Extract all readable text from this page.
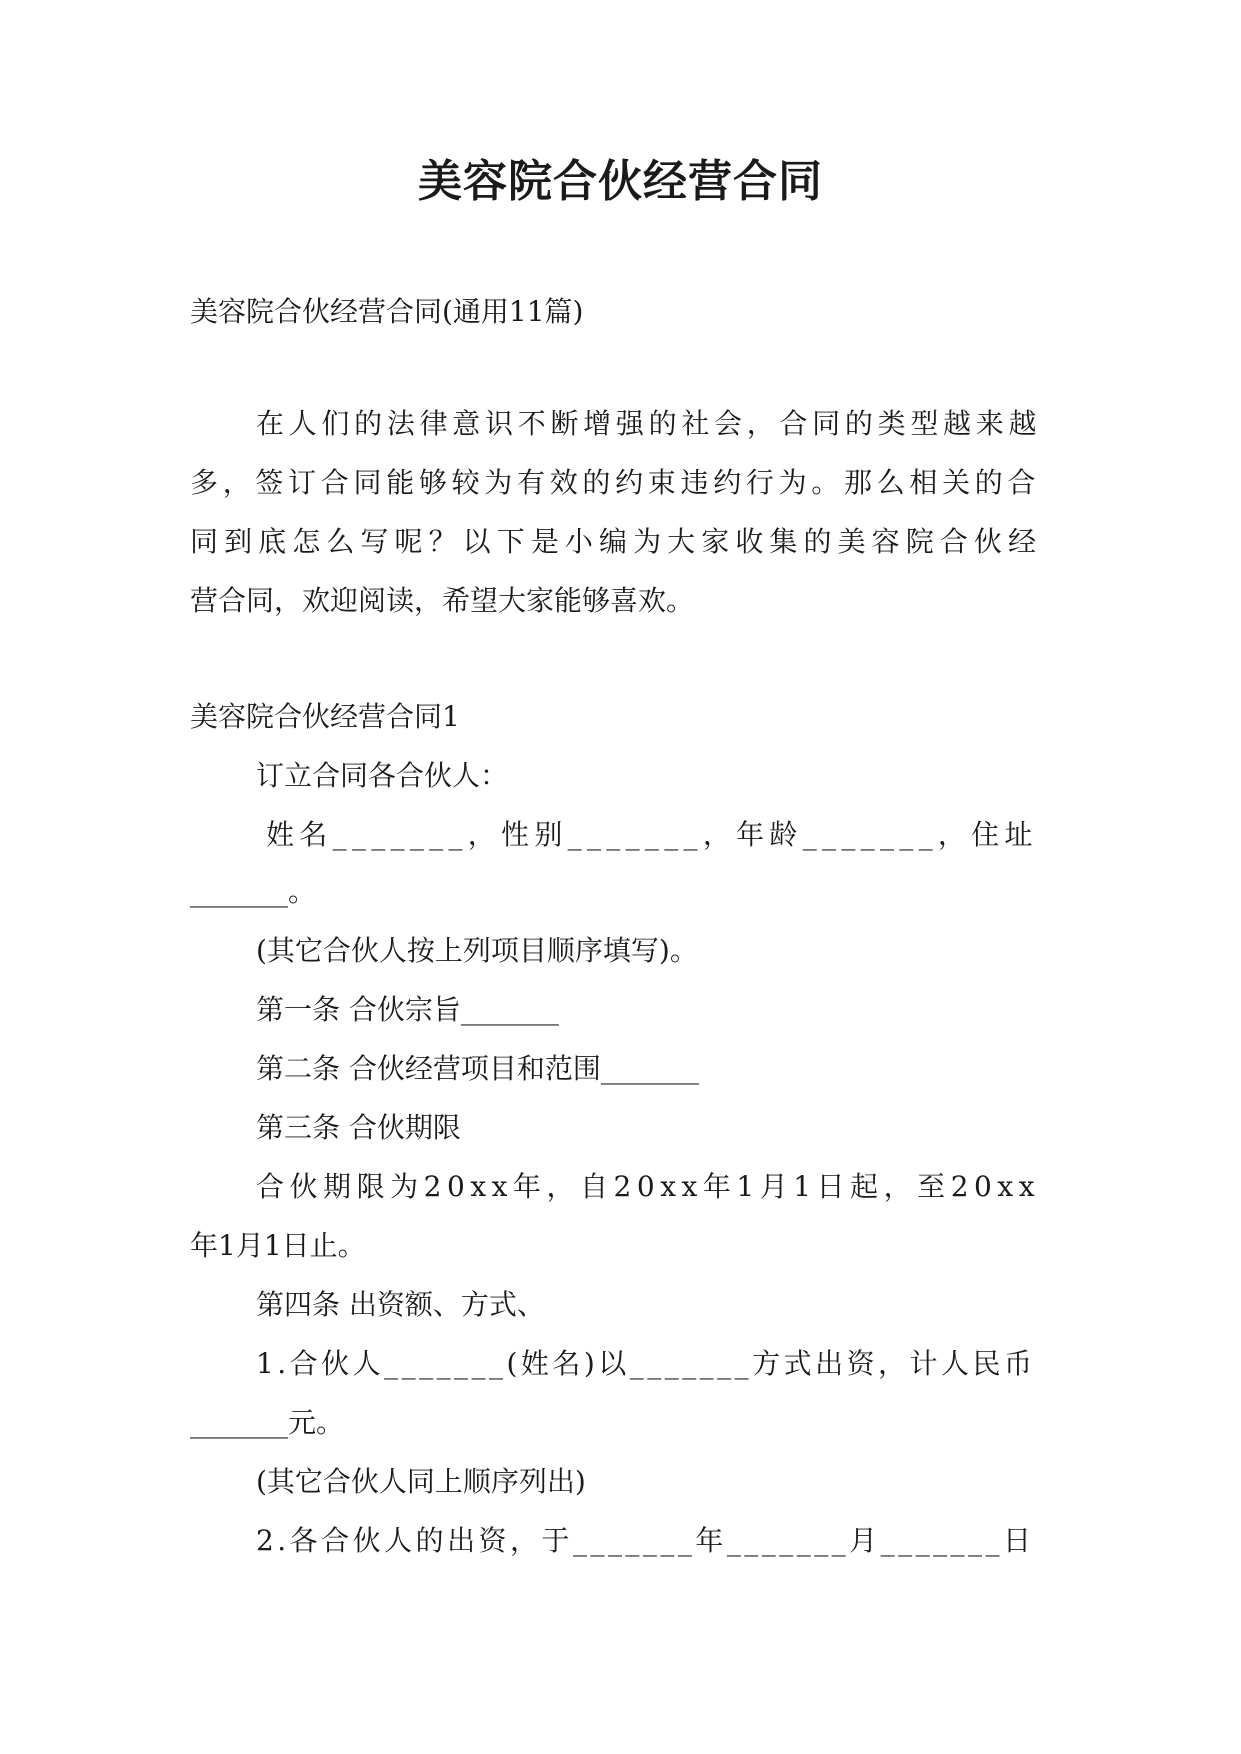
美容院合伙经营合同
美容院合伙经营合同(通用11篇)
在人们的法律意识不断增强的社会，合同的类型越来越
多，签订合同能够较为有效的约束违约行为。那么相关的合
同到底怎么写呢？以下是小编为大家收集的美容院合伙经
营合同，欢迎阅读，希望大家能够喜欢。
美容院合伙经营合同1
订立合同各合伙人：
姓名_______，性别_______，年龄_______，住址
_______。
(其它合伙人按上列项目顺序填写)。
第一条 合伙宗旨_______
第二条 合伙经营项目和范围_______
第三条 合伙期限
合伙期限为20xx年，自20xx年1月1日起，至20xx
年1月1日止。
第四条 出资额、方式、
1.合伙人_______(姓名)以_______方式出资，计人民币
_______元。
(其它合伙人同上顺序列出)
2.各合伙人的出资，于_______年_______月_______日
